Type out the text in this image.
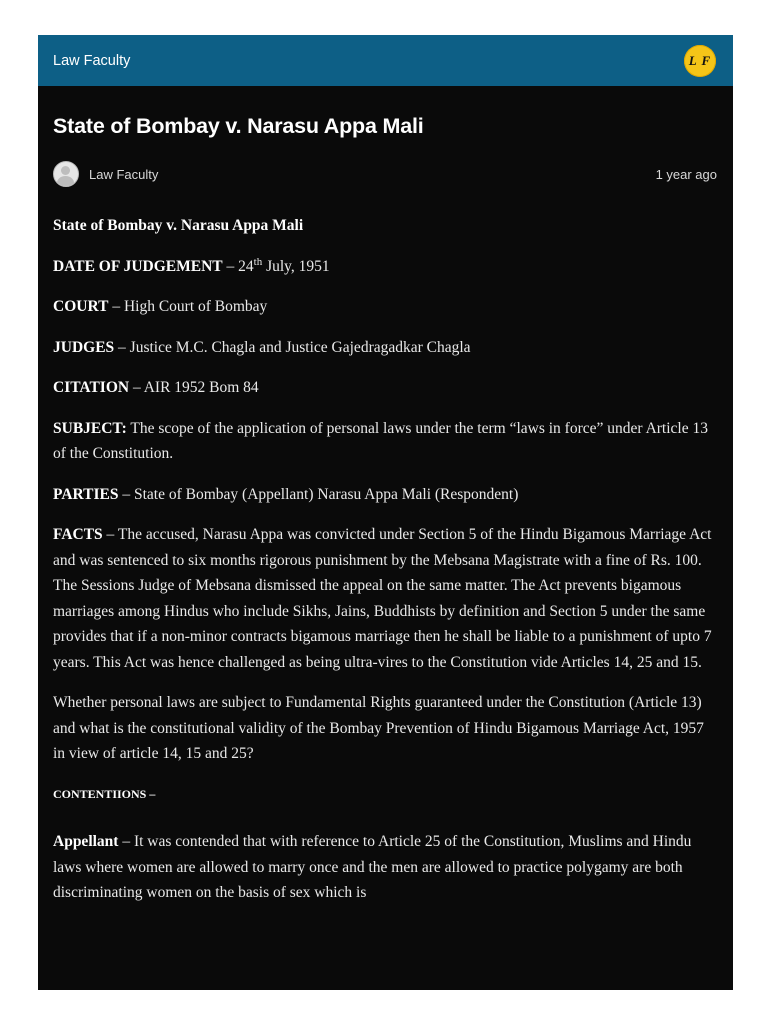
Law Faculty	L F
State of Bombay v. Narasu Appa Mali
Law Faculty	1 year ago

State of Bombay v. Narasu Appa Mali

DATE OF JUDGEMENT – 24th July, 1951

COURT – High Court of Bombay

JUDGES – Justice M.C. Chagla and Justice Gajedragadkar Chagla

CITATION – AIR 1952 Bom 84

SUBJECT: The scope of the application of personal laws under the term “laws in force” under Article 13 of the Constitution.

PARTIES – State of Bombay (Appellant) Narasu Appa Mali (Respondent)

FACTS – The accused, Narasu Appa was convicted under Section 5 of the Hindu Bigamous Marriage Act and was sentenced to six months rigorous punishment by the Mebsana Magistrate with a fine of Rs. 100. The Sessions Judge of Mebsana dismissed the appeal on the same matter. The Act prevents bigamous marriages among Hindus who include Sikhs, Jains, Buddhists by definition and Section 5 under the same provides that if a non-minor contracts bigamous marriage then he shall be liable to a punishment of upto 7 years. This Act was hence challenged as being ultra-vires to the Constitution vide Articles 14, 25 and 15.

Whether personal laws are subject to Fundamental Rights guaranteed under the Constitution (Article 13) and what is the constitutional validity of the Bombay Prevention of Hindu Bigamous Marriage Act, 1957 in view of article 14, 15 and 25?

CONTENTIIONS –

Appellant – It was contended that with reference to Article 25 of the Constitution, Muslims and Hindu laws where women are allowed to marry once and the men are allowed to practice polygamy are both discriminating women on the basis of sex which is
